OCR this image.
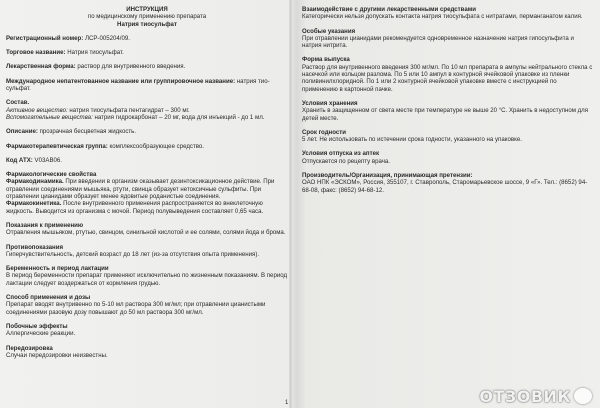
ИНСТРУКЦИЯ

по медицинскому применению препарата

Натрия тиосульфат

Регистрационный номер: ЛСР-005204/09.

Торговое название: Натрия тиосульфат.

Лекарственная форма: раствор для внутривенного введения.

Международное непатентованное название или группировочное название: натрия тио-сульфат.

Состав.

Активное вещество: натрия тиосульфата пентагидрат – 300 мг.

Вспомогательные вещества: натрия гидрокарбонат – 20 мг, вода для инъекций - до 1 мл.

Описание: прозрачная бесцветная жидкость.

Фармакотерапевтическая группа: комплексообразующее средство.

Код АТХ: V03AB06.

Фармакологические свойства

Фармакодинамика. При введении в организм оказывает дезинтоксикационное действие. При отравлении соединениями мышьяка, ртути, свинца образует нетоксичные сульфиты. При отравлении цианидами образует менее ядовитые роданистые соединения.

Фармакокинетика. После внутривенного применения распространяется во внеклеточную жидкость. Выводится из организма с мочой. Период полувыведения составляет 0,65 часа.

Показания к применению

Отравления мышьяком, ртутью, свинцом, синильной кислотой и ее солями, солями йода и брома.

Противопоказания

Гиперчувствительность, детский возраст до 18 лет (из-за отсутствия опыта применения).

Беременность и период лактации

В период беременности препарат применяют исключительно по жизненным показаниям. В период лактации следует воздержаться от кормления грудью.

Способ применения и дозы

Препарат вводят внутривенно по 5-10 мл раствора 300 мг/мл; при отравлении цианистыми соединениями разовую дозу повышают до 50 мл раствора 300 мг/мл.

Побочные эффекты

Аллергические реакции.

Передозировка

Случаи передозировки неизвестны.

Взаимодействие с другими лекарственными средствами

Категорически нельзя допускать контакта натрия тиосульфата с нитратами, перманганатом калия.

Особые указания

При отравлении цианидами рекомендуется одновременное назначение натрия гипосульфита и натрия нитрита.

Форма выпуска

Раствор для внутривенного введения 300 мг/мл. По 10 мл препарата в ампулы нейтрального стекла с насечкой или кольцом разлома. По 5 или 10 ампул в контурной ячейковой упаковке из пленки поливинилхлоридной. По 1 или 2 контурной ячейковой упаковке вместе с инструкцией по применению в картонной пачке.

Условия хранения

Хранить в защищенном от света месте при температуре не выше 20 °С. Хранить в недоступном для детей месте.

Срок годности

5 лет. Не использовать по истечении срока годности, указанного на упаковке.

Условия отпуска из аптек

Отпускается по рецепту врача.

Производитель/Организация, принимающая претензии:

ОАО НПК «ЭСКОМ», Россия, 355107, г. Ставрополь, Старомарьевское шоссе, 9 «Г». Тел.: (8652) 94-68-08, факс: (8652) 94-68-12.

1	ОТЗОВИК
